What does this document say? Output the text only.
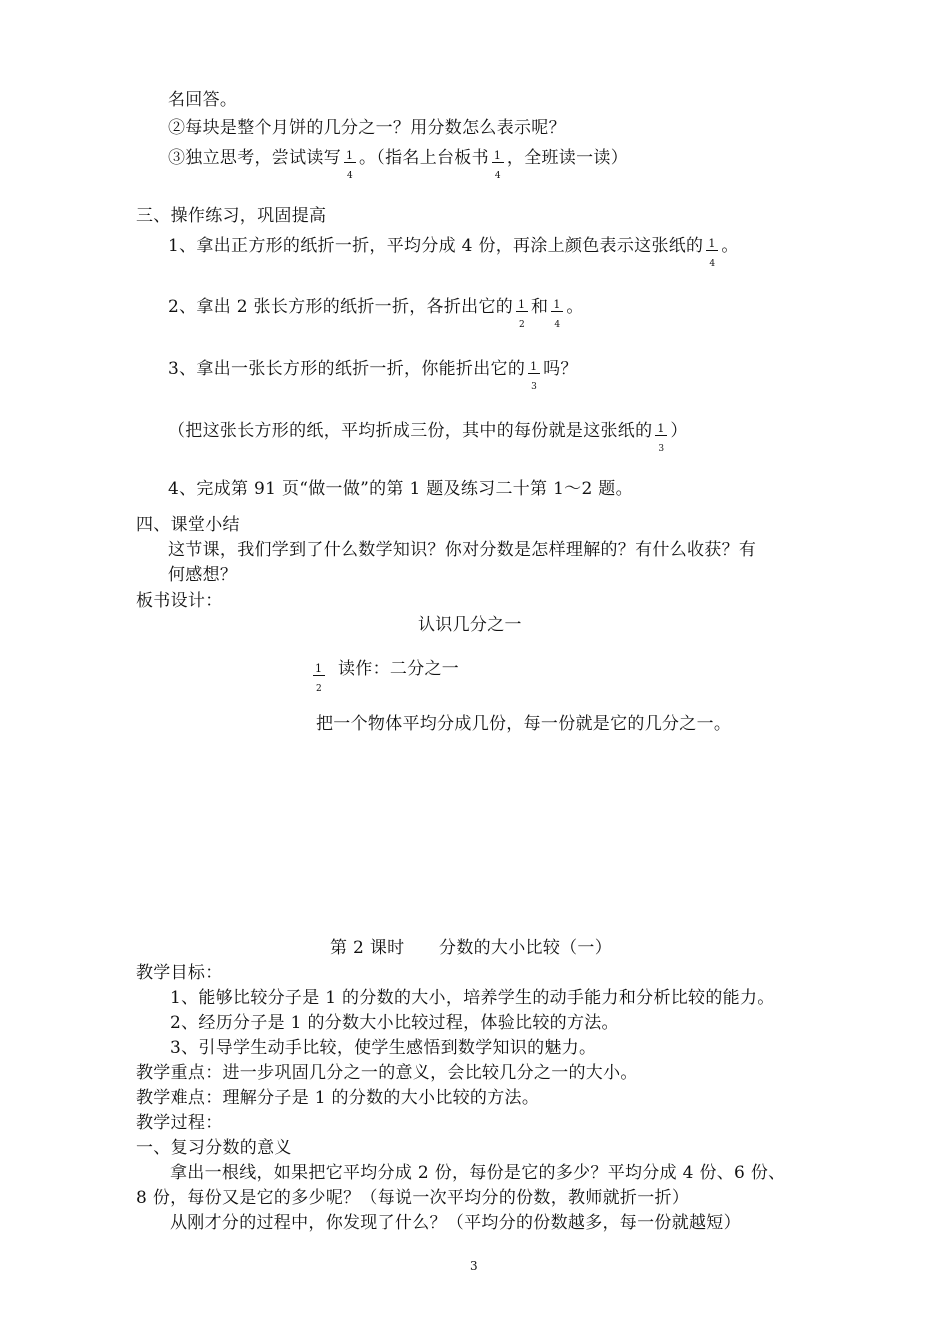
名回答。
②每块是整个月饼的几分之一？用分数怎么表示呢？
③独立思考，尝试读写 $\frac{1}{4}$ 。（指名上台板书 $\frac{1}{4}$ ，全班读一读）
三、操作练习，巩固提高
1、拿出正方形的纸折一折，平均分成 4 份，再涂上颜色表示这张纸的 $\frac{1}{4}$ 。
2、拿出 2 张长方形的纸折一折，各折出它的 $\frac{1}{2}$ 和 $\frac{1}{4}$ 。
3、拿出一张长方形的纸折一折，你能折出它的 $\frac{1}{3}$ 吗？
（把这张长方形的纸，平均折成三份，其中的每份就是这张纸的 $\frac{1}{3}$ ）
4、完成第 91 页“做一做”的第 1 题及练习二十第 1～2 题。
四、课堂小结
这节课，我们学到了什么数学知识？你对分数是怎样理解的？有什么收获？有
何感想？
板书设计：
认识几分之一
1
2
读作：二分之一
把一个物体平均分成几份，每一份就是它的几分之一。
第 2 课时　　分数的大小比较（一）
教学目标：
1、能够比较分子是 1 的分数的大小，培养学生的动手能力和分析比较的能力。
2、经历分子是 1 的分数大小比较过程，体验比较的方法。
3、引导学生动手比较，使学生感悟到数学知识的魅力。
教学重点：进一步巩固几分之一的意义，会比较几分之一的大小。
教学难点：理解分子是 1 的分数的大小比较的方法。
教学过程：
一、复习分数的意义
拿出一根线，如果把它平均分成 2 份，每份是它的多少？平均分成 4 份、6 份、
8 份，每份又是它的多少呢？（每说一次平均分的份数，教师就折一折）
从刚才分的过程中，你发现了什么？（平均分的份数越多，每一份就越短）
3
